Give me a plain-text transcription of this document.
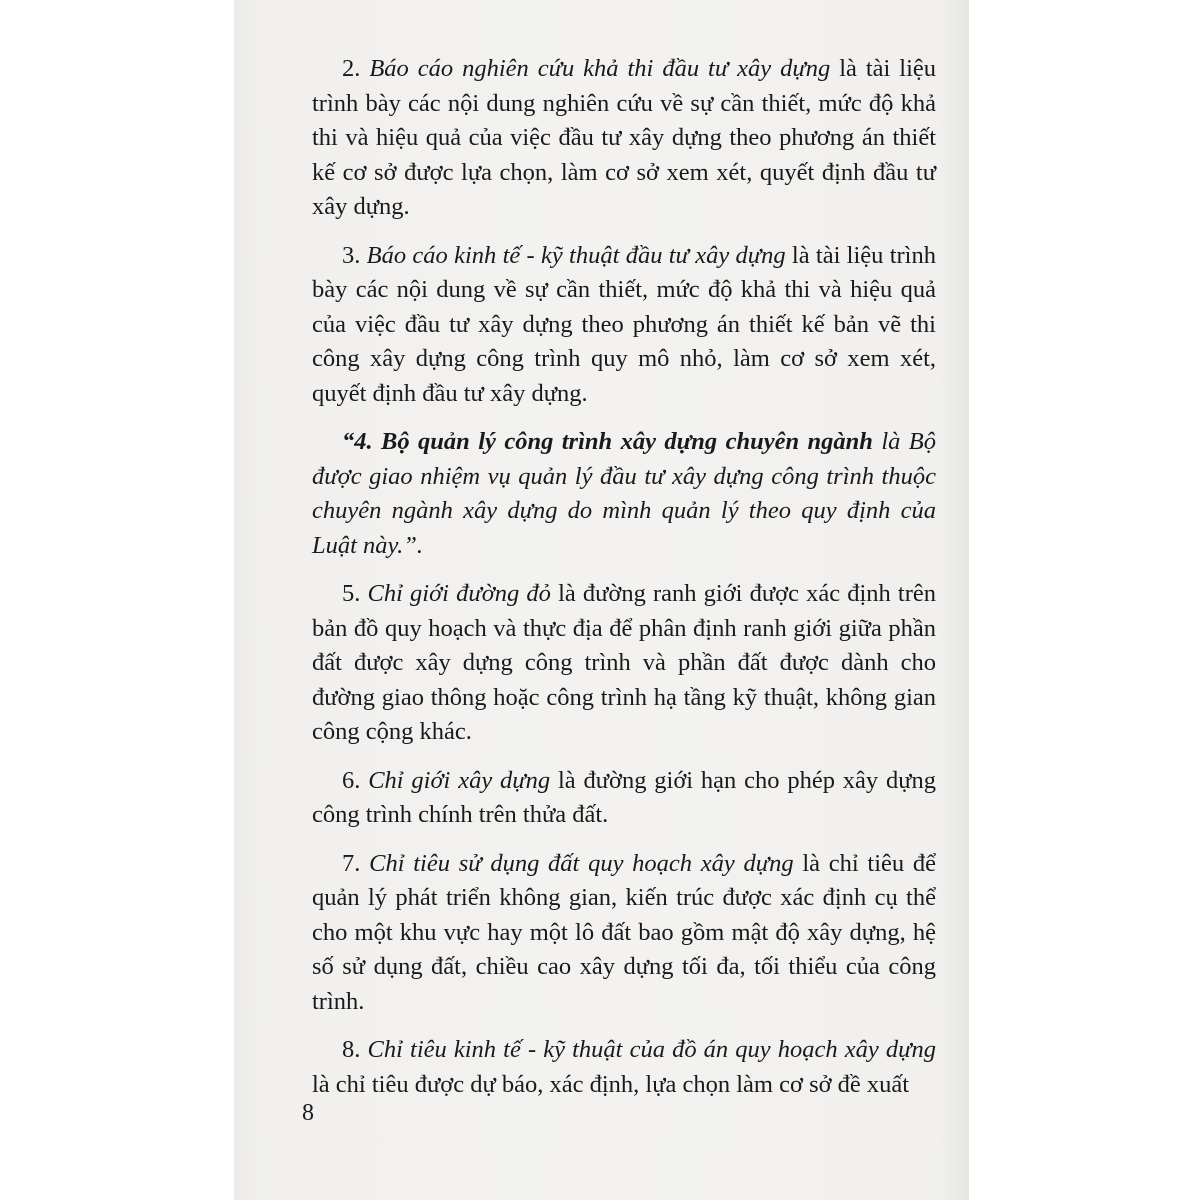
2. Báo cáo nghiên cứu khả thi đầu tư xây dựng là tài liệu trình bày các nội dung nghiên cứu về sự cần thiết, mức độ khả thi và hiệu quả của việc đầu tư xây dựng theo phương án thiết kế cơ sở được lựa chọn, làm cơ sở xem xét, quyết định đầu tư xây dựng.

3. Báo cáo kinh tế - kỹ thuật đầu tư xây dựng là tài liệu trình bày các nội dung về sự cần thiết, mức độ khả thi và hiệu quả của việc đầu tư xây dựng theo phương án thiết kế bản vẽ thi công xây dựng công trình quy mô nhỏ, làm cơ sở xem xét, quyết định đầu tư xây dựng.

“4. Bộ quản lý công trình xây dựng chuyên ngành là Bộ được giao nhiệm vụ quản lý đầu tư xây dựng công trình thuộc chuyên ngành xây dựng do mình quản lý theo quy định của Luật này.”.

5. Chỉ giới đường đỏ là đường ranh giới được xác định trên bản đồ quy hoạch và thực địa để phân định ranh giới giữa phần đất được xây dựng công trình và phần đất được dành cho đường giao thông hoặc công trình hạ tầng kỹ thuật, không gian công cộng khác.

6. Chỉ giới xây dựng là đường giới hạn cho phép xây dựng công trình chính trên thửa đất.

7. Chỉ tiêu sử dụng đất quy hoạch xây dựng là chỉ tiêu để quản lý phát triển không gian, kiến trúc được xác định cụ thể cho một khu vực hay một lô đất bao gồm mật độ xây dựng, hệ số sử dụng đất, chiều cao xây dựng tối đa, tối thiểu của công trình.

8. Chỉ tiêu kinh tế - kỹ thuật của đồ án quy hoạch xây dựng là chỉ tiêu được dự báo, xác định, lựa chọn làm cơ sở đề xuất

8
